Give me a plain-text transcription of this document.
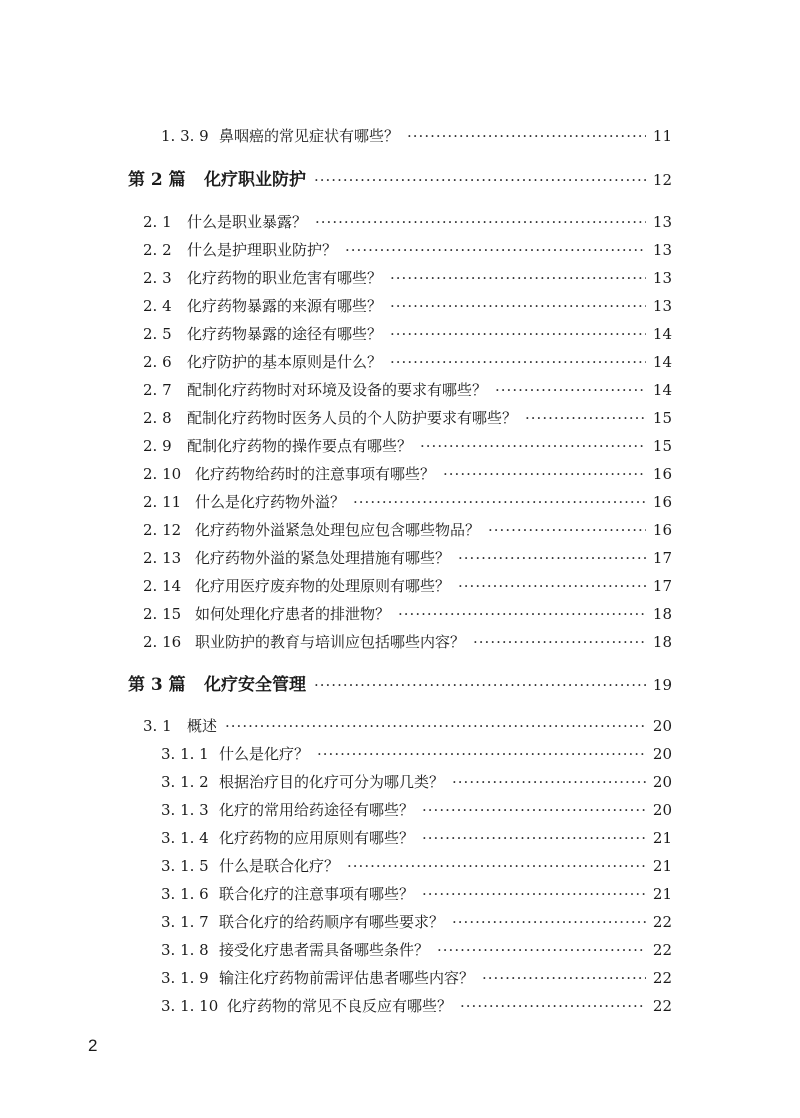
1. 3. 9 鼻咽癌的常见症状有哪些？ ·····	11
第 2 篇	化疗职业防护 ·····	12
2. 1	什么是职业暴露？ ·····	13
2. 2	什么是护理职业防护？ ·····	13
2. 3	化疗药物的职业危害有哪些？ ·····	13
2. 4	化疗药物暴露的来源有哪些？ ·····	13
2. 5	化疗药物暴露的途径有哪些？ ·····	14
2. 6	化疗防护的基本原则是什么？ ·····	14
2. 7	配制化疗药物时对环境及设备的要求有哪些？ ·····	14
2. 8	配制化疗药物时医务人员的个人防护要求有哪些？ ·····	15
2. 9	配制化疗药物的操作要点有哪些？ ·····	15
2. 10 化疗药物给药时的注意事项有哪些？ ·····	16
2. 11 什么是化疗药物外溢？ ·····	16
2. 12 化疗药物外溢紧急处理包应包含哪些物品？ ·····	16
2. 13 化疗药物外溢的紧急处理措施有哪些？ ·····	17
2. 14 化疗用医疗废弃物的处理原则有哪些？ ·····	17
2. 15 如何处理化疗患者的排泄物？ ·····	18
2. 16 职业防护的教育与培训应包括哪些内容？ ·····	18
第 3 篇	化疗安全管理 ·····	19
3. 1	概述 ·····	20
3. 1. 1 什么是化疗？ ·····	20
3. 1. 2 根据治疗目的化疗可分为哪几类？ ·····	20
3. 1. 3 化疗的常用给药途径有哪些？ ·····	20
3. 1. 4 化疗药物的应用原则有哪些？ ·····	21
3. 1. 5 什么是联合化疗？ ·····	21
3. 1. 6 联合化疗的注意事项有哪些？ ·····	21
3. 1. 7 联合化疗的给药顺序有哪些要求？ ·····	22
3. 1. 8 接受化疗患者需具备哪些条件？ ·····	22
3. 1. 9 输注化疗药物前需评估患者哪些内容？ ·····	22
3. 1. 10 化疗药物的常见不良反应有哪些？ ·····	22
2
